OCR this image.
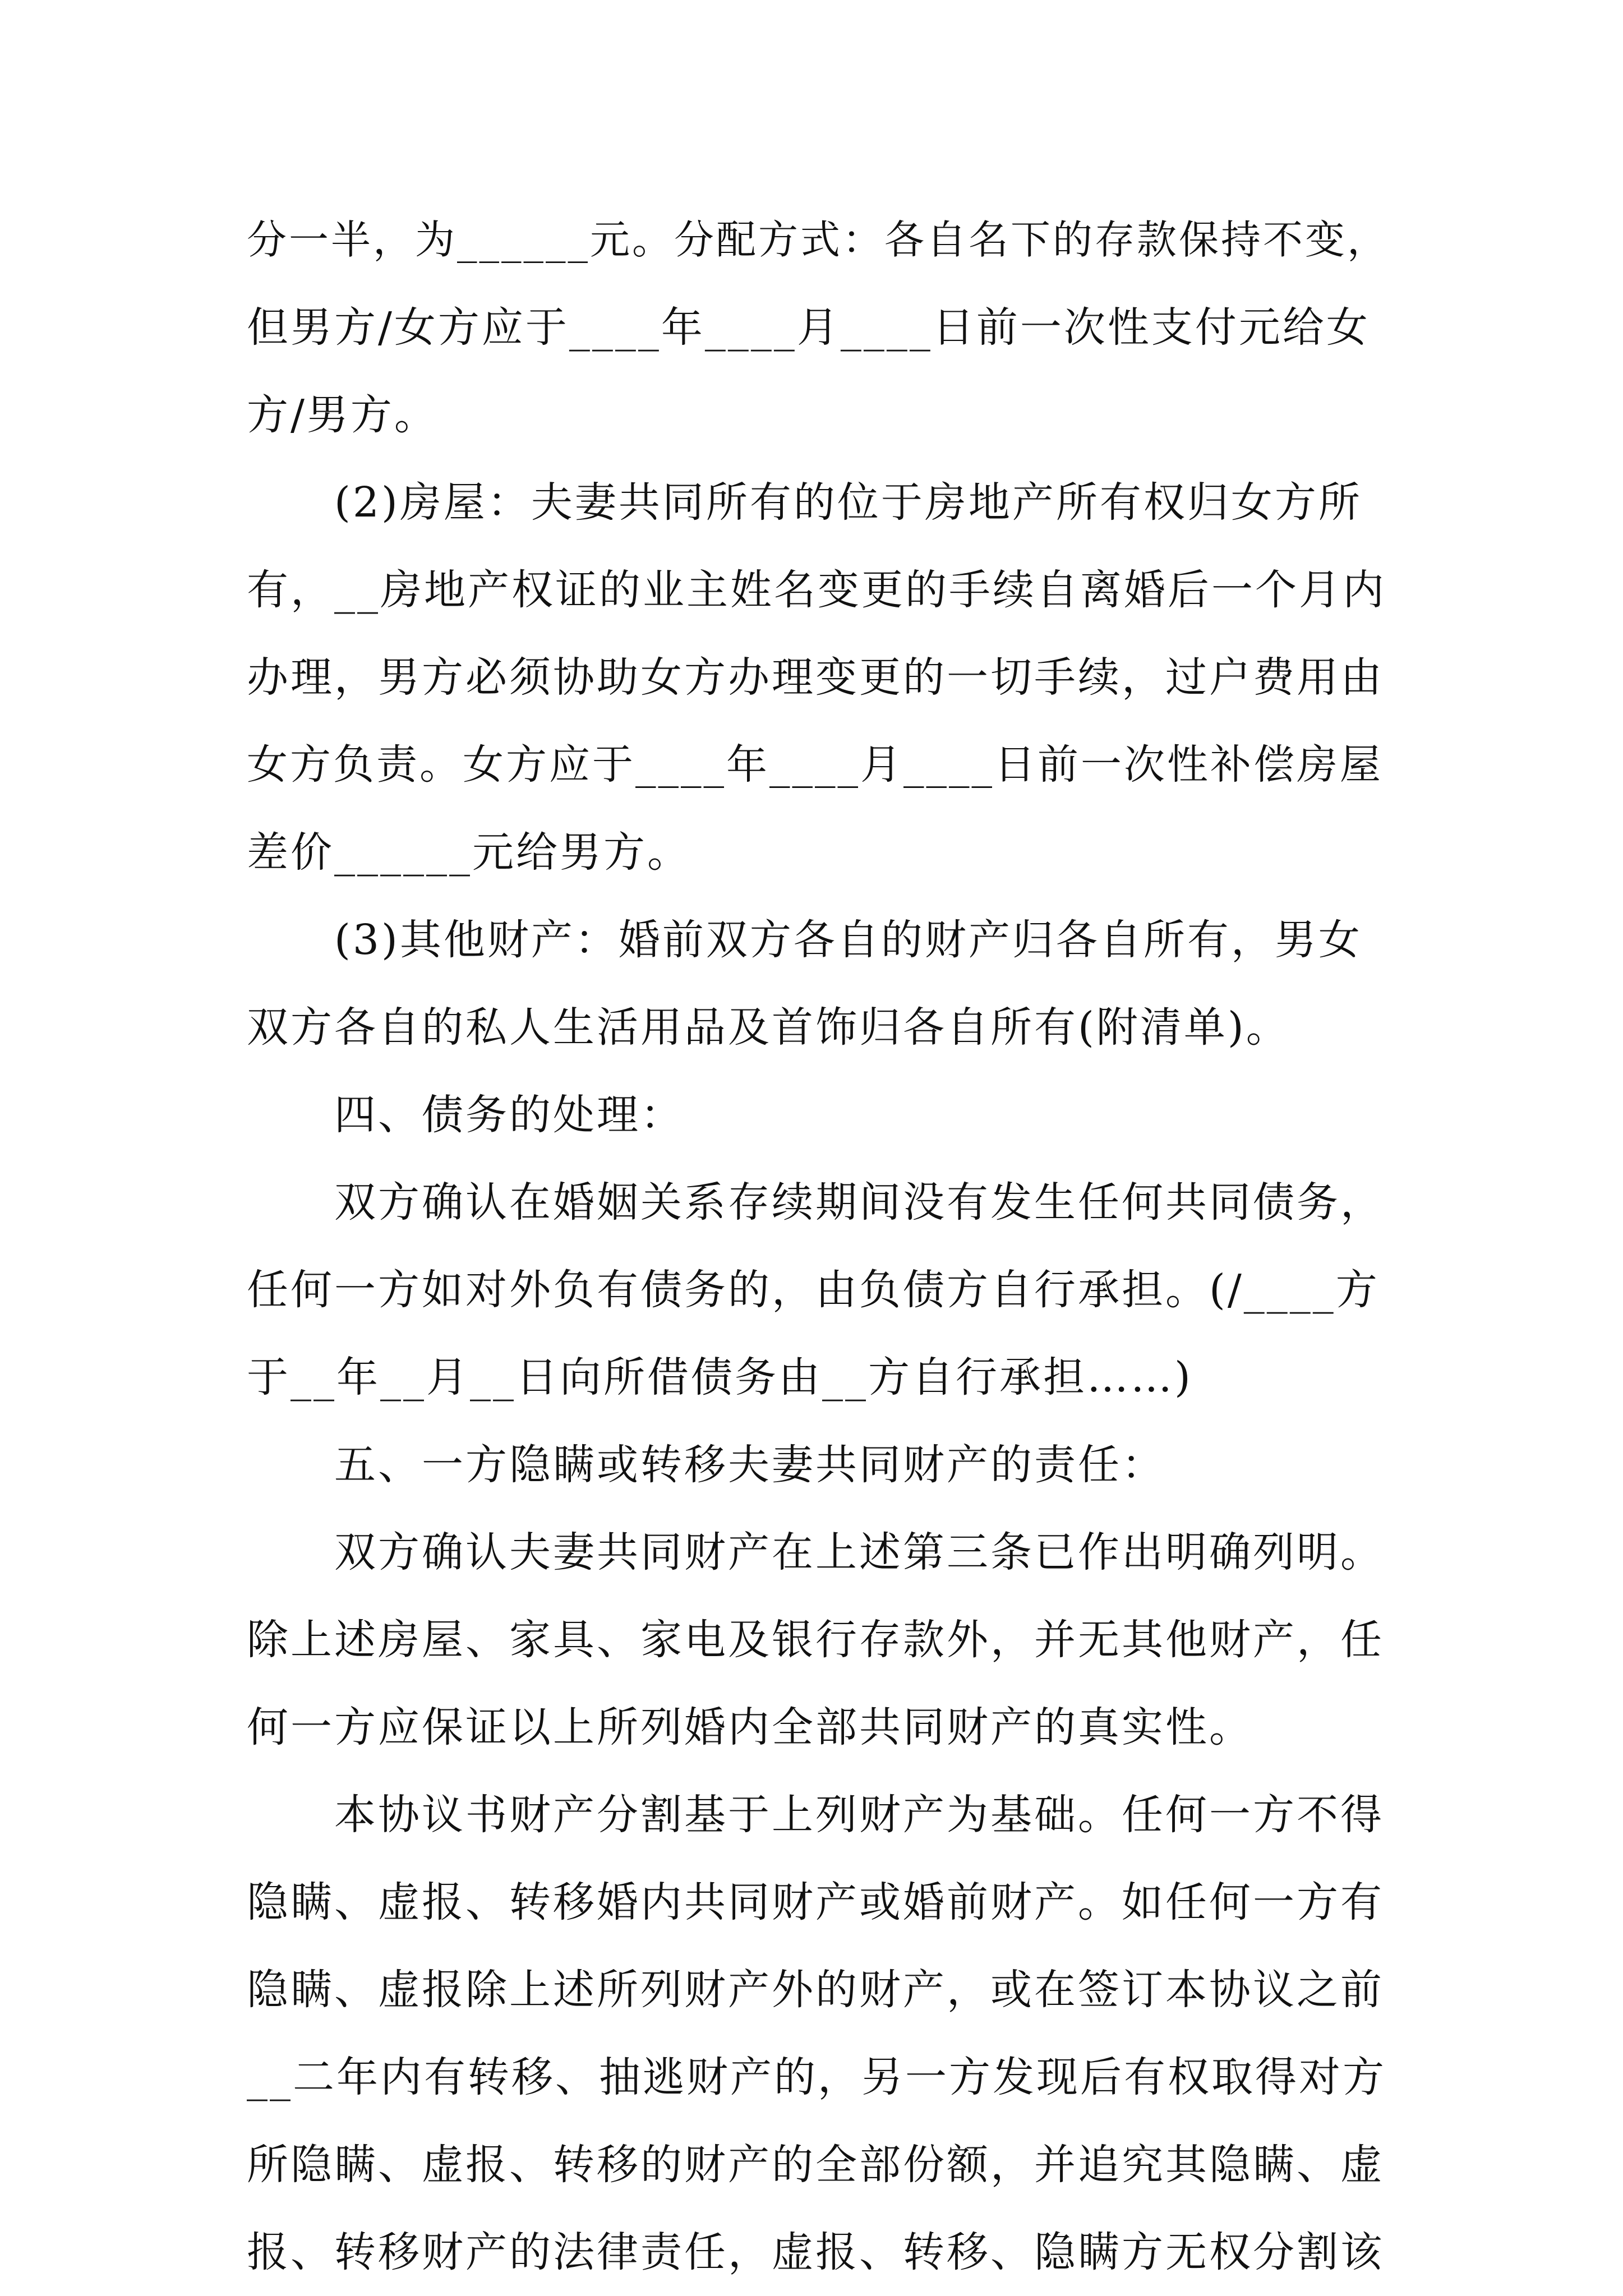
分一半，为______元。分配方式：各自名下的存款保持不变，
但男方/女方应于____年____月____日前一次性支付元给女
方/男方。
(2)房屋：夫妻共同所有的位于房地产所有权归女方所
有，__房地产权证的业主姓名变更的手续自离婚后一个月内
办理，男方必须协助女方办理变更的一切手续，过户费用由
女方负责。女方应于____年____月____日前一次性补偿房屋
差价______元给男方。
(3)其他财产：婚前双方各自的财产归各自所有，男女
双方各自的私人生活用品及首饰归各自所有(附清单)。
四、债务的处理：
双方确认在婚姻关系存续期间没有发生任何共同债务，
任何一方如对外负有债务的，由负债方自行承担。(/____方
于__年__月__日向所借债务由__方自行承担……)
五、一方隐瞒或转移夫妻共同财产的责任：
双方确认夫妻共同财产在上述第三条已作出明确列明。
除上述房屋、家具、家电及银行存款外，并无其他财产，任
何一方应保证以上所列婚内全部共同财产的真实性。
本协议书财产分割基于上列财产为基础。任何一方不得
隐瞒、虚报、转移婚内共同财产或婚前财产。如任何一方有
隐瞒、虚报除上述所列财产外的财产，或在签订本协议之前
__二年内有转移、抽逃财产的，另一方发现后有权取得对方
所隐瞒、虚报、转移的财产的全部份额，并追究其隐瞒、虚
报、转移财产的法律责任，虚报、转移、隐瞒方无权分割该
